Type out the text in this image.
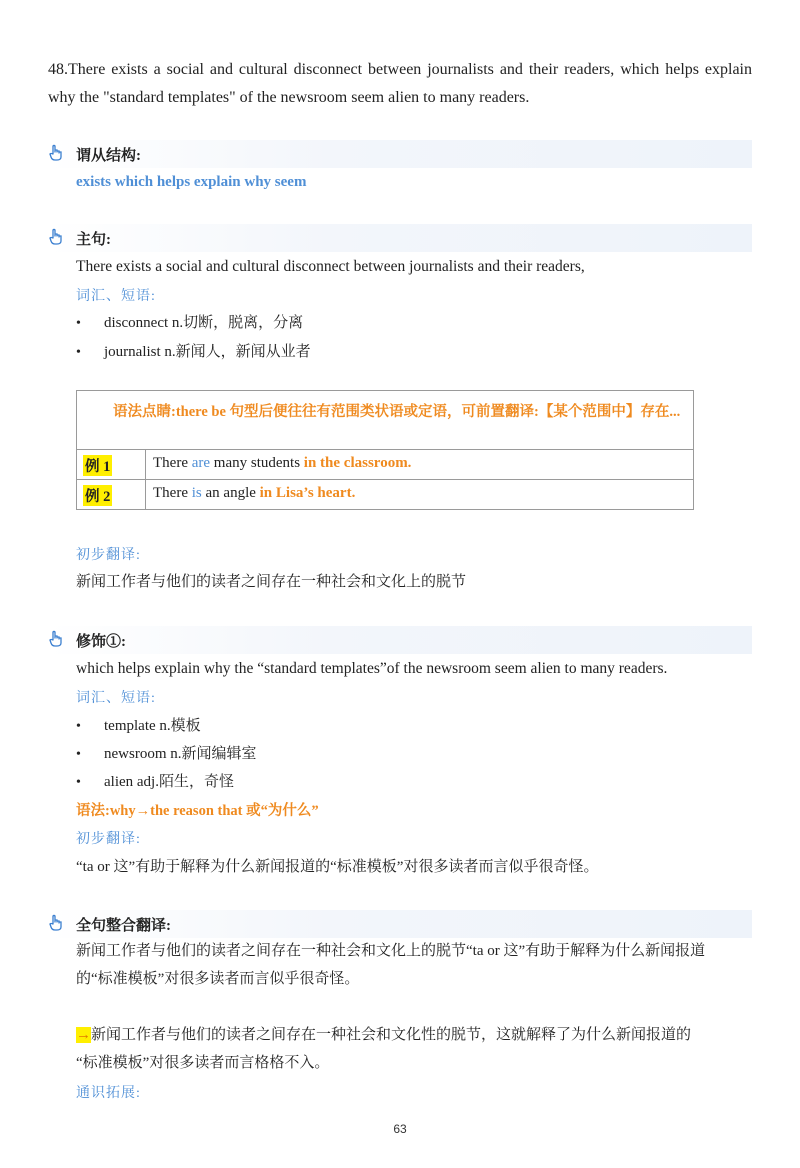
48.There exists a social and cultural disconnect between journalists and their readers, which helps explain why the "standard templates" of the newsroom seem alien to many readers.
谓从结构:
exists which helps explain why seem
主句:
There exists a social and cultural disconnect between journalists and their readers,
词汇、短语:
• disconnect n.切断，脱离，分离
• journalist n.新闻人，新闻从业者
语法点睛:there be 句型后便往往有范围类状语或定语，可前置翻译:【某个范围中】存在...
例 1	There are many students in the classroom.
例 2	There is an angle in Lisa’s heart.
初步翻译:
新闻工作者与他们的读者之间存在一种社会和文化上的脱节
修饰①:
which helps explain why the “standard templates”of the newsroom seem alien to many readers.
词汇、短语:
• template n.模板
• newsroom n.新闻编辑室
• alien adj.陌生，奇怪
语法:why→the reason that 或“为什么”
初步翻译:
“ta or 这”有助于解释为什么新闻报道的“标准模板”对很多读者而言似乎很奇怪。
全句整合翻译:
新闻工作者与他们的读者之间存在一种社会和文化上的脱节“ta or 这”有助于解释为什么新闻报道
的“标准模板”对很多读者而言似乎很奇怪。
→新闻工作者与他们的读者之间存在一种社会和文化性的脱节，这就解释了为什么新闻报道的
“标准模板”对很多读者而言格格不入。
通识拓展:
63
